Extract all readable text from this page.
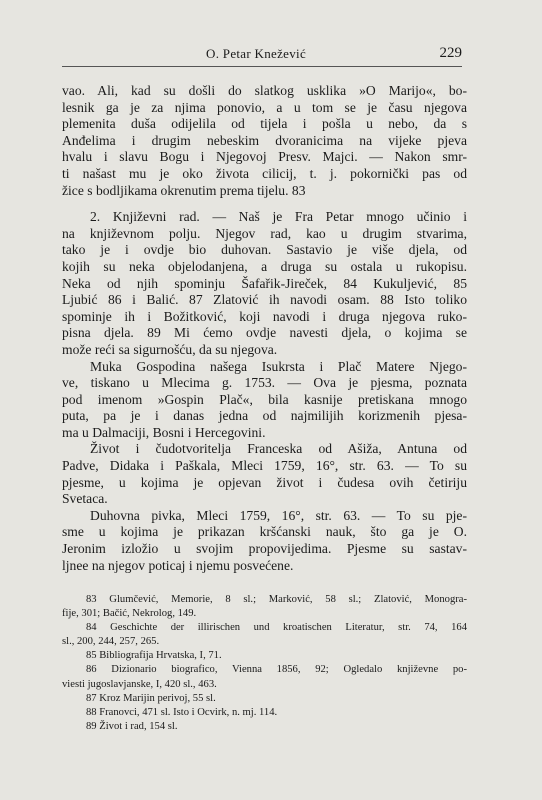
O. Petar Knežević	229
vao. Ali, kad su došli do slatkog usklika »O Marijo«, bo-
lesnik ga je za njima ponovio, a u tom se je času njegova
plemenita duša odijelila od tijela i pošla u nebo, da s
Anđelima i drugim nebeskim dvoranicima na vijeke pjeva
hvalu i slavu Bogu i Njegovoj Presv. Majci. — Nakon smr-
ti našast mu je oko života cilicij, t. j. pokornički pas od
žice s bodljikama okrenutim prema tijelu. 83
2. Književni rad. — Naš je Fra Petar mnogo učinio i
na književnom polju. Njegov rad, kao u drugim stvarima,
tako je i ovdje bio duhovan. Sastavio je više djela, od
kojih su neka objelodanjena, a druga su ostala u rukopisu.
Neka od njih spominju Šafařik-Jireček, 84 Kukuljević, 85
Ljubić 86 i Balić. 87 Zlatović ih navodi osam. 88 Isto toliko
spominje ih i Božitković, koji navodi i druga njegova ruko-
pisna djela. 89 Mi ćemo ovdje navesti djela, o kojima se
može reći sa sigurnošću, da su njegova.
Muka Gospodina našega Isukrsta i Plač Matere Njego-
ve, tiskano u Mlecima g. 1753. — Ova je pjesma, poznata
pod imenom »Gospin Plač«, bila kasnije pretiskana mnogo
puta, pa je i danas jedna od najmilijih korizmenih pjesa-
ma u Dalmaciji, Bosni i Hercegovini.
Život i čudotvoritelja Franceska od Ašiža, Antuna od
Padve, Didaka i Paškala, Mleci 1759, 16°, str. 63. — To su
pjesme, u kojima je opjevan život i čudesa ovih četiriju
Svetaca.
Duhovna pivka, Mleci 1759, 16°, str. 63. — To su pje-
sme u kojima je prikazan kršćanski nauk, što ga je O.
Jeronim izložio u svojim propovijedima. Pjesme su sastav-
ljnee na njegov poticaj i njemu posvećene.
83 Glumčević, Memorie, 8 sl.; Marković, 58 sl.; Zlatović, Monogra-
fije, 301; Bačić, Nekrolog, 149.
84 Geschichte der illirischen und kroatischen Literatur, str. 74, 164
sl., 200, 244, 257, 265.
85 Bibliografija Hrvatska, I, 71.
86 Dizionario biografico, Vienna 1856, 92; Ogledalo književne po-
viesti jugoslavjanske, I, 420 sl., 463.
87 Kroz Marijin perivoj, 55 sl.
88 Franovci, 471 sl. Isto i Ocvirk, n. mj. 114.
89 Život i rad, 154 sl.
